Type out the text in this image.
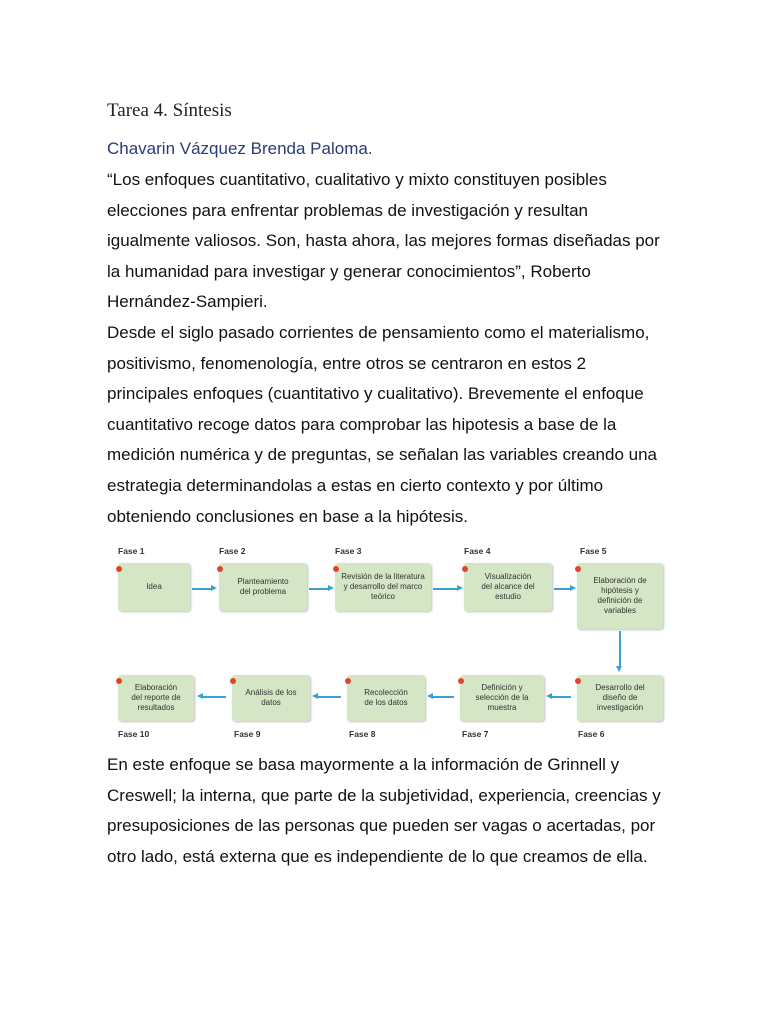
Tarea 4. Síntesis
Chavarin Vázquez Brenda Paloma.

“Los enfoques cuantitativo, cualitativo y mixto constituyen posibles elecciones para enfrentar problemas de investigación y resultan igualmente valiosos. Son, hasta ahora, las mejores formas diseñadas por la humanidad para investigar y generar conocimientos”, Roberto Hernández-Sampieri.

Desde el siglo pasado corrientes de pensamiento como el materialismo, positivismo, fenomenología, entre otros se centraron en estos 2 principales enfoques (cuantitativo y cualitativo). Brevemente el enfoque cuantitativo recoge datos para comprobar las hipotesis a base de la medición numérica y de preguntas, se señalan las variables creando una estrategia determinandolas a estas en cierto contexto y por último obteniendo conclusiones en base a la hipótesis.

Fase 1	Fase 2	Fase 3	Fase 4	Fase 5
Idea
Planteamiento del problema
Revisión de la literatura y desarrollo del marco teórico
Visualización del alcance del estudio
Elaboración de hipótesis y definición de variables
Elaboración del reporte de resultados
Análisis de los datos
Recolección de los datos
Definición y selección de la muestra
Desarrollo del diseño de investigación
Fase 10	Fase 9	Fase 8	Fase 7	Fase 6

En este enfoque se basa mayormente a la información de Grinnell y Creswell; la interna, que parte de la subjetividad, experiencia, creencias y presuposiciones de las personas que pueden ser vagas o acertadas, por otro lado, está externa que es independiente de lo que creamos de ella.
